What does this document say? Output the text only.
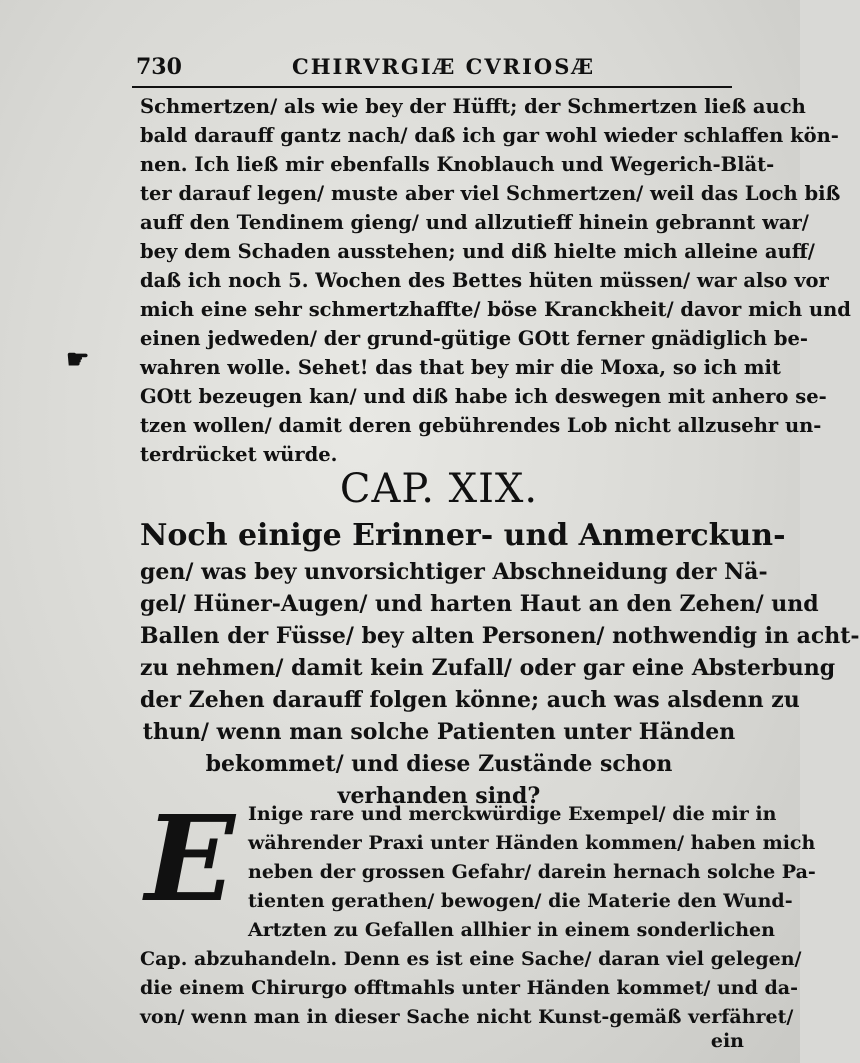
730	CHIRVRGIÆ CVRIOSÆ
Schmertzen/ als wie bey der Hüfft; der Schmertzen ließ auch
bald darauff gantz nach/ daß ich gar wohl wieder schlaffen kön-
nen. Ich ließ mir ebenfalls Knoblauch und Wegerich-Blät-
ter darauf legen/ muste aber viel Schmertzen/ weil das Loch biß
auff den Tendinem gieng/ und allzutieff hinein gebrannt war/
bey dem Schaden ausstehen; und diß hielte mich alleine auff/
daß ich noch 5. Wochen des Bettes hüten müssen/ war also vor
mich eine sehr schmertzhaffte/ böse Kranckheit/ davor mich und
einen jedweden/ der grund-gütige GOtt ferner gnädiglich be-
wahren wolle. Sehet! das that bey mir die Moxa, so ich mit
GOtt bezeugen kan/ und diß habe ich deswegen mit anhero se-
tzen wollen/ damit deren gebührendes Lob nicht allzusehr un-
terdrücket würde.
☛
CAP. XIX.
Noch einige Erinner- und Anmerckun-
gen/ was bey unvorsichtiger Abschneidung der Nä-
gel/ Hüner-Augen/ und harten Haut an den Zehen/ und
Ballen der Füsse/ bey alten Personen/ nothwendig in acht-
zu nehmen/ damit kein Zufall/ oder gar eine Absterbung
der Zehen darauff folgen könne; auch was alsdenn zu
thun/ wenn man solche Patienten unter Händen
bekommet/ und diese Zustände schon
verhanden sind?
E Inige rare und merckwürdige Exempel/ die mir in
währender Praxi unter Händen kommen/ haben mich
neben der grossen Gefahr/ darein hernach solche Pa-
tienten gerathen/ bewogen/ die Materie den Wund-
Artzten zu Gefallen allhier in einem sonderlichen
Cap. abzuhandeln. Denn es ist eine Sache/ daran viel gelegen/
die einem Chirurgo offtmahls unter Händen kommet/ und da-
von/ wenn man in dieser Sache nicht Kunst-gemäß verfähret/
ein
